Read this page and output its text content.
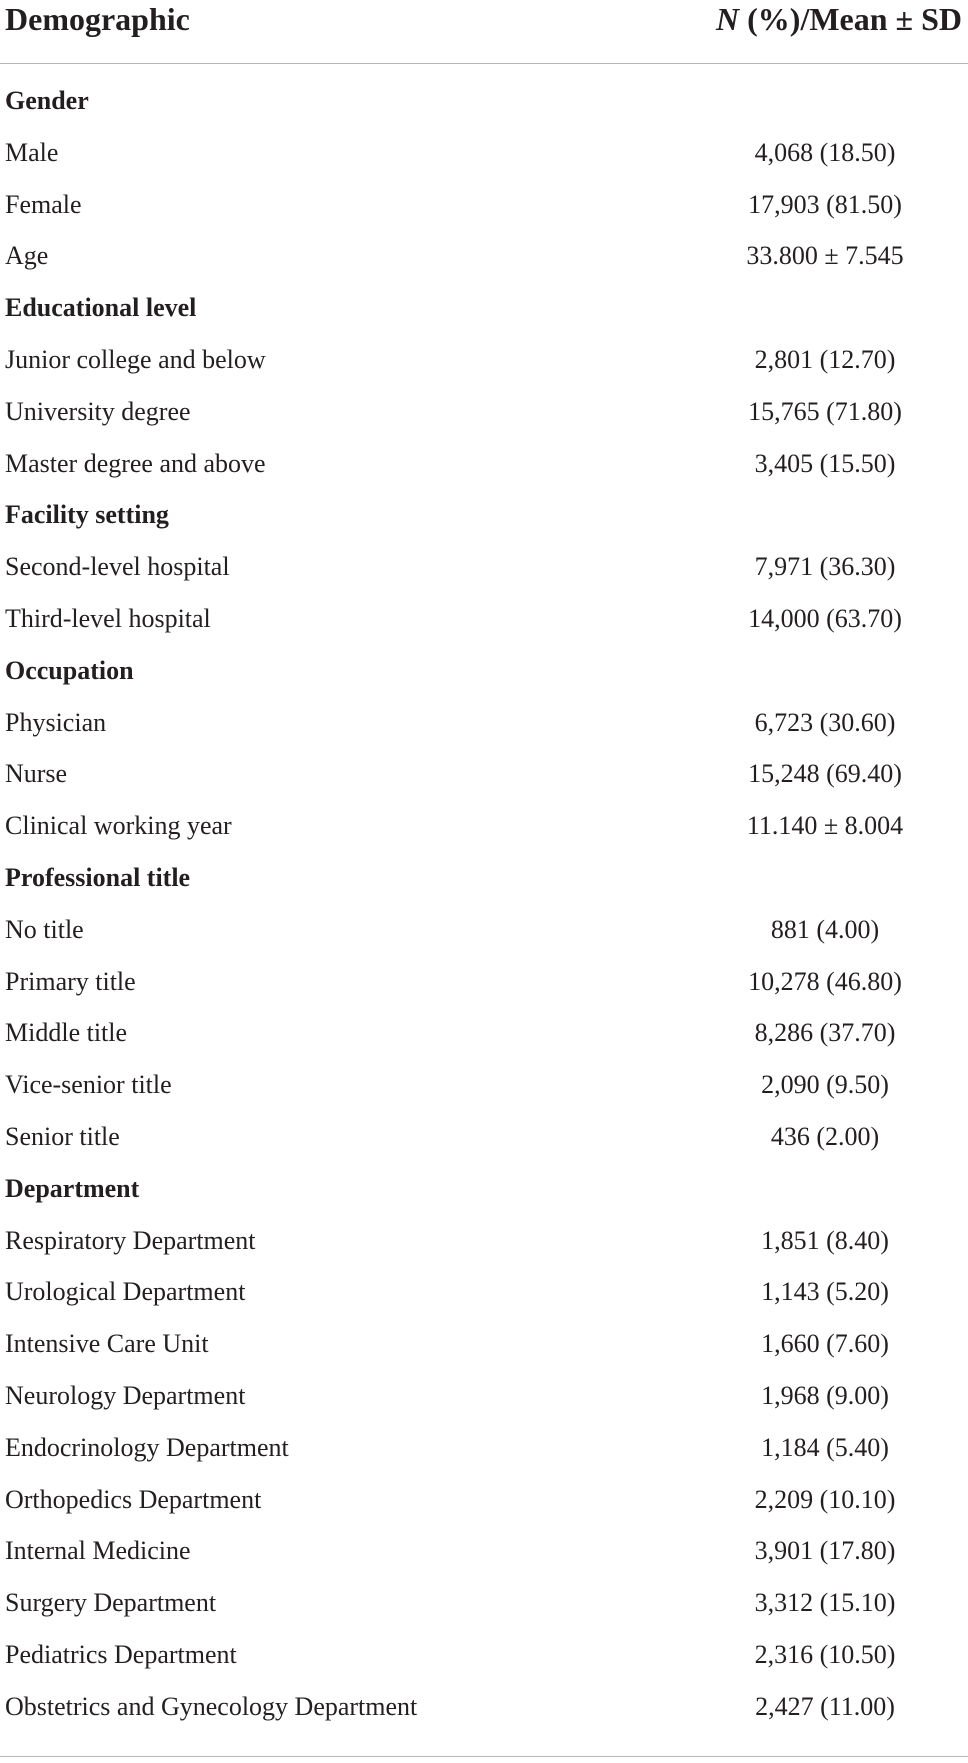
Demographic	N (%)/Mean ± SD
Gender
Male	4,068 (18.50)
Female	17,903 (81.50)
Age	33.800 ± 7.545
Educational level
Junior college and below	2,801 (12.70)
University degree	15,765 (71.80)
Master degree and above	3,405 (15.50)
Facility setting
Second-level hospital	7,971 (36.30)
Third-level hospital	14,000 (63.70)
Occupation
Physician	6,723 (30.60)
Nurse	15,248 (69.40)
Clinical working year	11.140 ± 8.004
Professional title
No title	881 (4.00)
Primary title	10,278 (46.80)
Middle title	8,286 (37.70)
Vice-senior title	2,090 (9.50)
Senior title	436 (2.00)
Department
Respiratory Department	1,851 (8.40)
Urological Department	1,143 (5.20)
Intensive Care Unit	1,660 (7.60)
Neurology Department	1,968 (9.00)
Endocrinology Department	1,184 (5.40)
Orthopedics Department	2,209 (10.10)
Internal Medicine	3,901 (17.80)
Surgery Department	3,312 (15.10)
Pediatrics Department	2,316 (10.50)
Obstetrics and Gynecology Department	2,427 (11.00)
